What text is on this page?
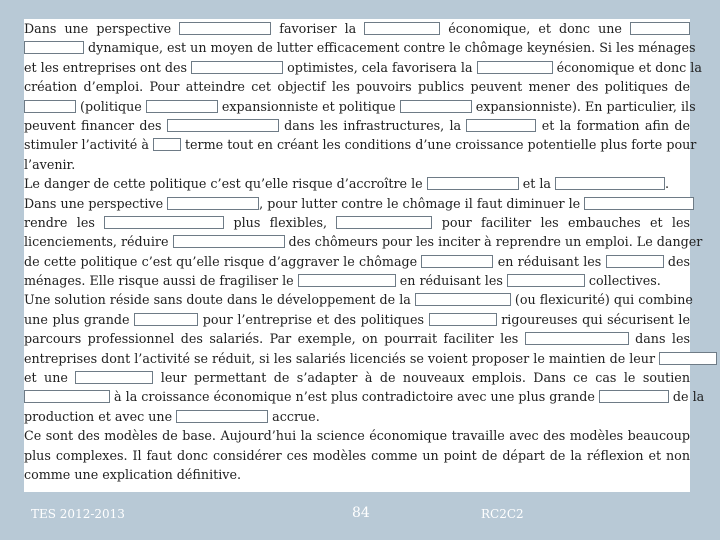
Dans une perspective	favoriser la	économique, et donc une
dynamique, est un moyen de lutter efficacement contre le chômage keynésien. Si les ménages
et les entreprises ont des	optimistes, cela favorisera la	économique et donc la
création d’emploi. Pour atteindre cet objectif les pouvoirs publics peuvent mener des politiques de
(politique	expansionniste et politique	expansionniste). En particulier, ils
peuvent financer des	dans les infrastructures, la	et la formation afin de
stimuler l’activité à  terme tout en créant les conditions d’une croissance potentielle plus forte pour
l’avenir.
Le danger de cette politique c’est qu’elle risque d’accroître le	et la	.
Dans une perspective	, pour lutter contre le chômage il faut diminuer le
rendre les	plus flexibles,	pour faciliter les embauches et les
licenciements, réduire	des chômeurs pour les inciter à reprendre un emploi. Le danger
de cette politique c’est qu’elle risque d’aggraver le chômage	en réduisant les	des
ménages. Elle risque aussi de fragiliser le	en réduisant les	collectives.
Une solution réside sans doute dans le développement de la	(ou flexicurité) qui combine
une plus grande	pour l’entreprise et des politiques	rigoureuses qui sécurisent le
parcours professionnel des salariés. Par exemple, on pourrait faciliter les	dans les
entreprises dont l’activité se réduit, si les salariés licenciés se voient proposer le maintien de leur
et une	leur permettant de s’adapter à de nouveaux emplois. Dans ce cas le soutien
à la croissance économique n’est plus contradictoire avec une plus grande	de la
production et avec une	accrue.
Ce sont des modèles de base. Aujourd’hui la science économique travaille avec des modèles beaucoup
plus complexes. Il faut donc considérer ces modèles comme un point de départ de la réflexion et non
comme une explication définitive.
TES 2012-2013	84	RC2C2
